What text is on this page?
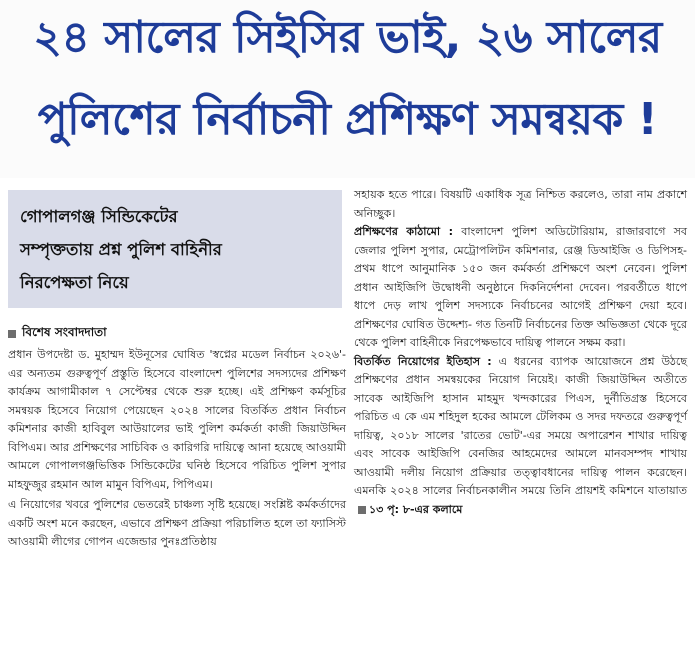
২৪ সালের সিইসির ভাই, ২৬ সালের
পুলিশের নির্বাচনী প্রশিক্ষণ সমন্বয়ক !
গোপালগঞ্জ সিন্ডিকেটের
সম্পৃক্ততায় প্রশ্ন পুলিশ বাহিনীর
নিরপেক্ষতা নিয়ে
বিশেষ সংবাদদাতা

প্রধান উপদেষ্টা ড. মুহাম্মদ ইউনূসের ঘোষিত 'স্বপ্নের মডেল নির্বাচন ২০২৬'-এর অন্যতম গুরুত্বপূর্ণ প্রস্তুতি হিসেবে বাংলাদেশ পুলিশের সদস্যদের প্রশিক্ষণ কার্যক্রম আগামীকাল ৭ সেপ্টেম্বর থেকে শুরু হচ্ছে। এই প্রশিক্ষণ কর্মসূচির সমন্বয়ক হিসেবে নিয়োগ পেয়েছেন ২০২৪ সালের বিতর্কিত প্রধান নির্বাচন কমিশনার কাজী হাবিবুল আউয়ালের ভাই পুলিশ কর্মকর্তা কাজী জিয়াউদ্দিন বিপিএম। আর প্রশিক্ষণের সাচিবিক ও কারিগরি দায়িত্বে আনা হয়েছে আওয়ামী আমলে গোপালগঞ্জভিত্তিক সিন্ডিকেটের ঘনিষ্ঠ হিসেবে পরিচিত পুলিশ সুপার মাহফুজুর রহমান আল মামুন বিপিএম, পিপিএম।

এ নিয়োগের খবরে পুলিশের ভেতরেই চাঞ্চল্য সৃষ্টি হয়েছে। সংশ্লিষ্ট কর্মকর্তাদের একটি অংশ মনে করছেন, এভাবে প্রশিক্ষণ প্রক্রিয়া পরিচালিত হলে তা ফ্যাসিস্ট আওয়ামী লীগের গোপন এজেন্ডার পুনঃপ্রতিষ্ঠায়

সহায়ক হতে পারে। বিষয়টি একাধিক সূত্র নিশ্চিত করলেও, তারা নাম প্রকাশে অনিচ্ছুক।

প্রশিক্ষণের কাঠামো : বাংলাদেশ পুলিশ অডিটোরিয়াম, রাজারবাগে সব জেলার পুলিশ সুপার, মেট্রোপলিটন কমিশনার, রেঞ্জ ডিআইজি ও ডিপিসহ- প্রথম ধাপে আনুমানিক ১৫০ জন কর্মকর্তা প্রশিক্ষণে অংশ নেবেন। পুলিশ প্রধান আইজিপি উদ্বোধনী অনুষ্ঠানে দিকনির্দেশনা দেবেন। পরবর্তীতে ধাপে ধাপে দেড় লাখ পুলিশ সদস্যকে নির্বাচনের আগেই প্রশিক্ষণ দেয়া হবে। প্রশিক্ষণের ঘোষিত উদ্দেশ্য- গত তিনটি নির্বাচনের তিক্ত অভিজ্ঞতা থেকে দূরে থেকে পুলিশ বাহিনীকে নিরপেক্ষভাবে দায়িত্ব পালনে সক্ষম করা।

বিতর্কিত নিয়োগের ইতিহাস : এ ধরনের ব্যাপক আয়োজনে প্রশ্ন উঠছে প্রশিক্ষণের প্রধান সমন্বয়কের নিয়োগ নিয়েই। কাজী জিয়াউদ্দিন অতীতে সাবেক আইজিপি হাসান মাহমুদ খন্দকারের পিএস, দুর্নীতিগ্রস্ত হিসেবে পরিচিত এ কে এম শহিদুল হকের আমলে টেলিকম ও সদর দফতরে গুরুত্বপূর্ণ দায়িত্ব, ২০১৮ সালের 'রাতের ভোট'-এর সময়ে অপারেশন শাখার দায়িত্ব এবং সাবেক আইজিপি বেনজির আহমেদের আমলে মানবসম্পদ শাখায় আওয়ামী দলীয় নিয়োগ প্রক্রিয়ার তত্ত্বাবধানের দায়িত্ব পালন করেছেন। এমনকি ২০২৪ সালের নির্বাচনকালীন সময়ে তিনি প্রায়শই কমিশনে যাতায়াত১৩ পৃ: ৮-এর কলামে
